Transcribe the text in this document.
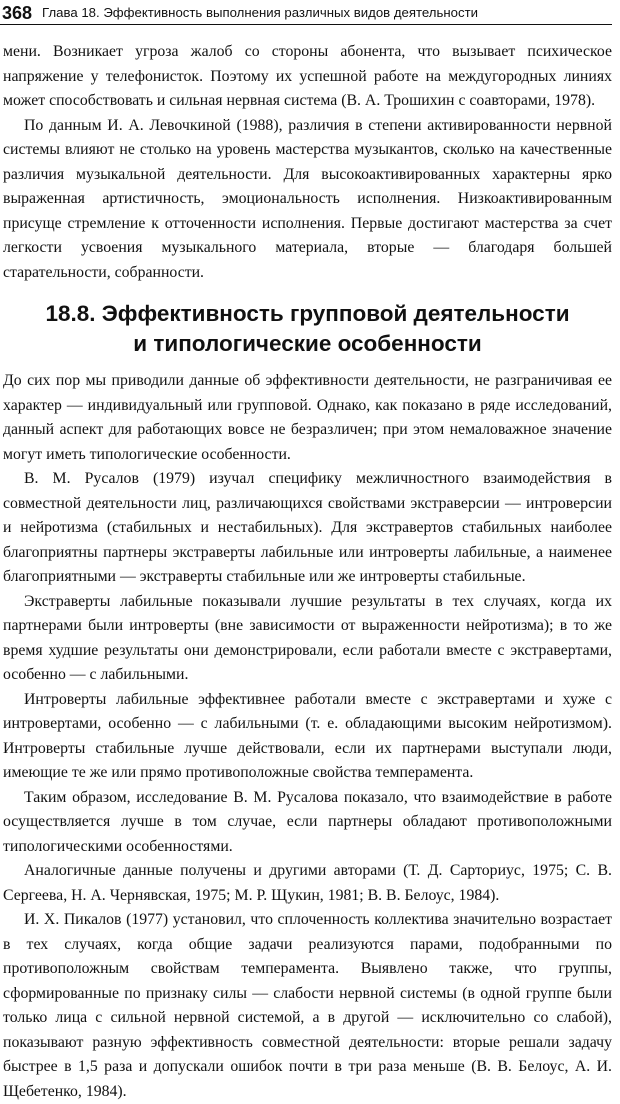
368 Глава 18. Эффективность выполнения различных видов деятельности

мени. Возникает угроза жалоб со стороны абонента, что вызывает психическое напряжение у телефонисток. Поэтому их успешной работе на междугородных линиях может способствовать и сильная нервная система (В. А. Трошихин с соавторами, 1978).

По данным И. А. Левочкиной (1988), различия в степени активированности нервной системы влияют не столько на уровень мастерства музыкантов, сколько на качественные различия музыкальной деятельности. Для высокоактивированных характерны ярко выраженная артистичность, эмоциональность исполнения. Низкоактивированным присуще стремление к отточенности исполнения. Первые достигают мастерства за счет легкости усвоения музыкального материала, вторые — благодаря большей старательности, собранности.

18.8. Эффективность групповой деятельности
и типологические особенности

До сих пор мы приводили данные об эффективности деятельности, не разграничивая ее характер — индивидуальный или групповой. Однако, как показано в ряде исследований, данный аспект для работающих вовсе не безразличен; при этом немаловажное значение могут иметь типологические особенности.

В. М. Русалов (1979) изучал специфику межличностного взаимодействия в совместной деятельности лиц, различающихся свойствами экстраверсии — интроверсии и нейротизма (стабильных и нестабильных). Для экстравертов стабильных наиболее благоприятны партнеры экстраверты лабильные или интроверты лабильные, а наименее благоприятными — экстраверты стабильные или же интроверты стабильные.

Экстраверты лабильные показывали лучшие результаты в тех случаях, когда их партнерами были интроверты (вне зависимости от выраженности нейротизма); в то же время худшие результаты они демонстрировали, если работали вместе с экстравертами, особенно — с лабильными.

Интроверты лабильные эффективнее работали вместе с экстравертами и хуже с интровертами, особенно — с лабильными (т. е. обладающими высоким нейротизмом). Интроверты стабильные лучше действовали, если их партнерами выступали люди, имеющие те же или прямо противоположные свойства темперамента.

Таким образом, исследование В. М. Русалова показало, что взаимодействие в работе осуществляется лучше в том случае, если партнеры обладают противоположными типологическими особенностями.

Аналогичные данные получены и другими авторами (Т. Д. Сарториус, 1975; С. В. Сергеева, Н. А. Чернявская, 1975; М. Р. Щукин, 1981; В. В. Белоус, 1984).

И. Х. Пикалов (1977) установил, что сплоченность коллектива значительно возрастает в тех случаях, когда общие задачи реализуются парами, подобранными по противоположным свойствам темперамента. Выявлено также, что группы, сформированные по признаку силы — слабости нервной системы (в одной группе были только лица с сильной нервной системой, а в другой — исключительно со слабой), показывают разную эффективность совместной деятельности: вторые решали задачу быстрее в 1,5 раза и допускали ошибок почти в три раза меньше (В. В. Белоус, А. И. Щебетенко, 1984).
